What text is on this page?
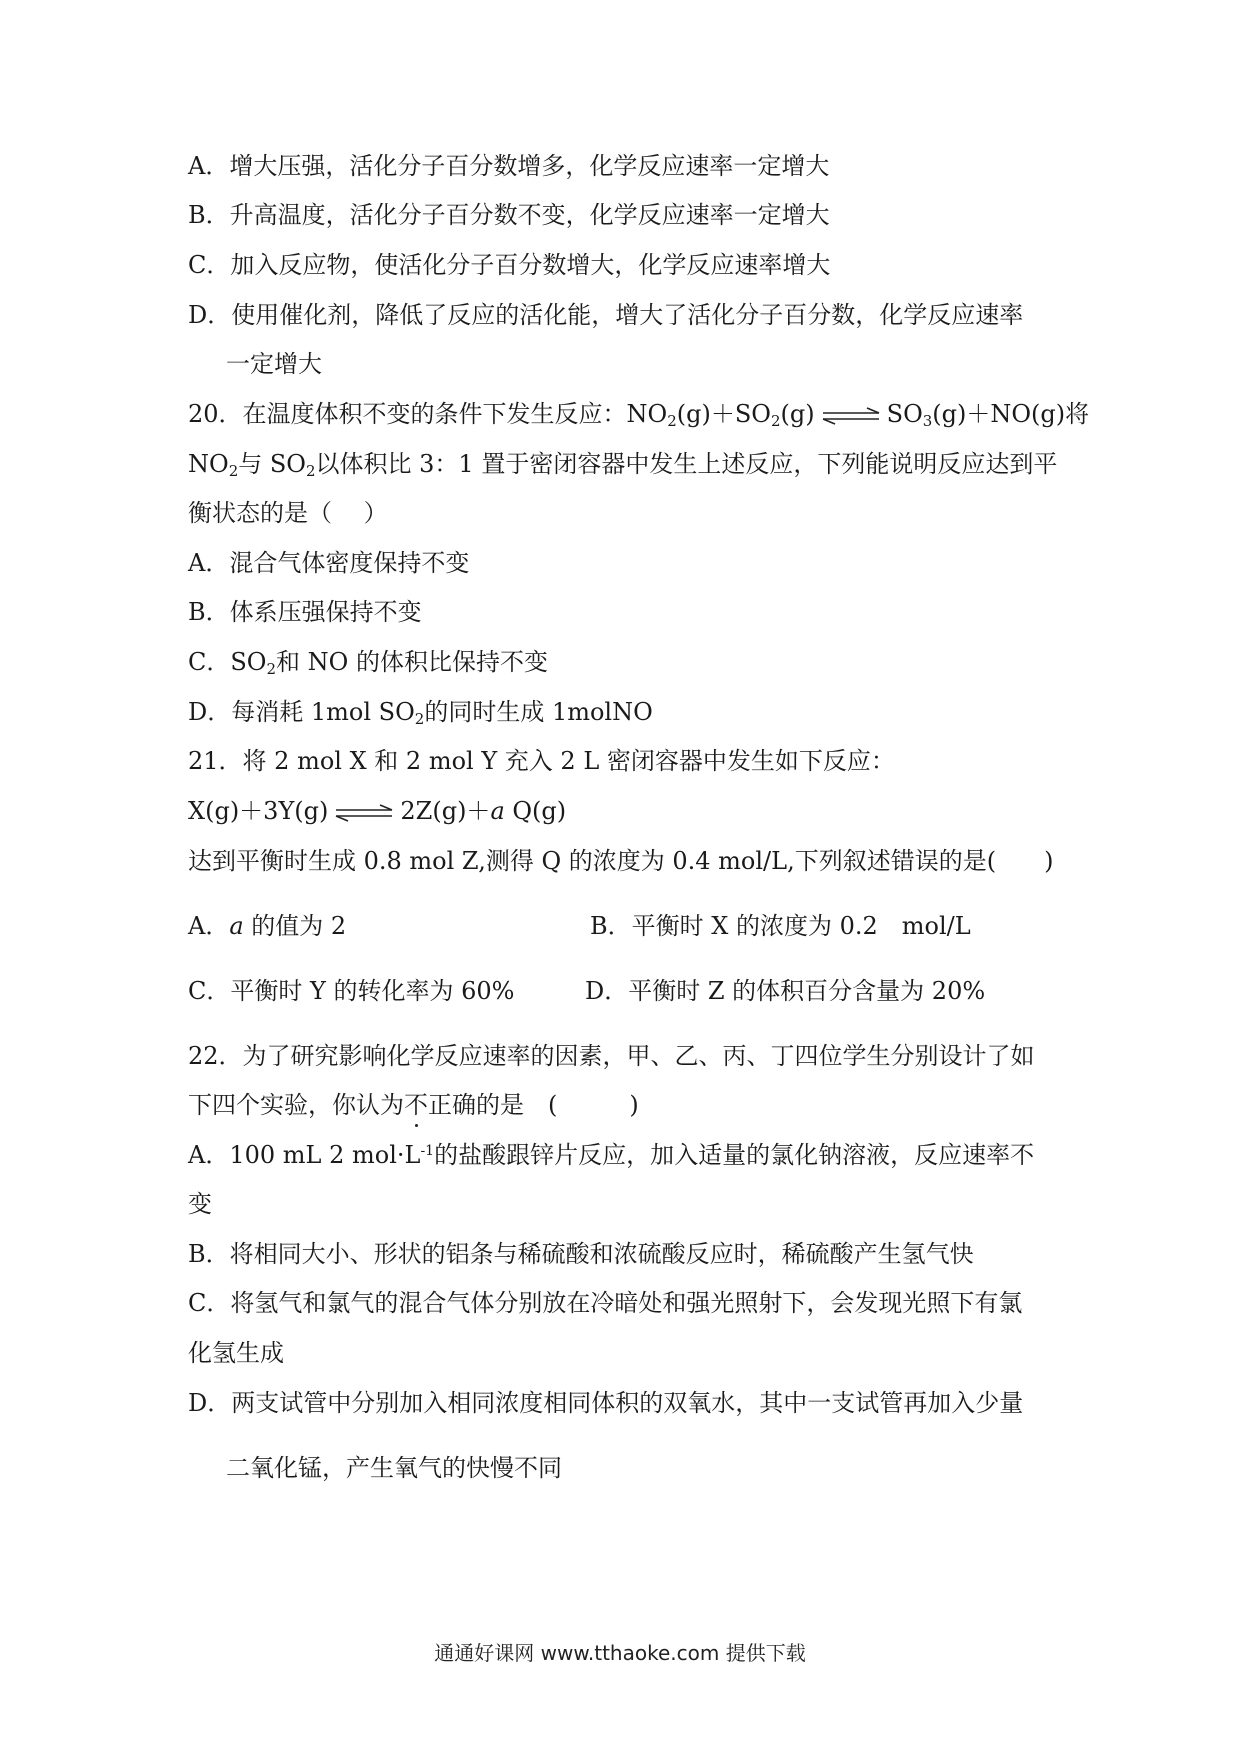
A．增大压强，活化分子百分数增多，化学反应速率一定增大
B．升高温度，活化分子百分数不变，化学反应速率一定增大
C．加入反应物，使活化分子百分数增大，化学反应速率增大
D．使用催化剂，降低了反应的活化能，增大了活化分子百分数，化学反应速率
一定增大
20．在温度体积不变的条件下发生反应：$NO_2(g)+SO_2(g)$ ⇌ $SO_3(g)+NO(g)$将
$NO_2$与 $SO_2$以体积比 3：1 置于密闭容器中发生上述反应，下列能说明反应达到平
衡状态的是（　 ）
A．混合气体密度保持不变
B．体系压强保持不变
C．$SO_2$和 NO 的体积比保持不变
D．每消耗 1mol $SO_2$的同时生成 1molNO
21．将 2 mol X 和 2 mol Y 充入 2 L 密闭容器中发生如下反应：
X(g)＋3Y(g) ⇌ 2Z(g)＋a Q(g)
达到平衡时生成 0.8 mol Z,测得 Q 的浓度为 0.4 mol/L,下列叙述错误的是(　　)
A．a 的值为 2	B．平衡时 X 的浓度为 0.2　mol/L
C．平衡时 Y 的转化率为 60%	D．平衡时 Z 的体积百分含量为 20%
22．为了研究影响化学反应速率的因素，甲、乙、丙、丁四位学生分别设计了如
下四个实验，你认为不正确的是　(　　　)
A．100 mL 2 $mol\cdot L^{-1}$的盐酸跟锌片反应，加入适量的氯化钠溶液，反应速率不
变
B．将相同大小、形状的铝条与稀硫酸和浓硫酸反应时，稀硫酸产生氢气快
C．将氢气和氯气的混合气体分别放在冷暗处和强光照射下，会发现光照下有氯
化氢生成
D．两支试管中分别加入相同浓度相同体积的双氧水，其中一支试管再加入少量
二氧化锰，产生氧气的快慢不同
通通好课网 www.tthaoke.com 提供下载
